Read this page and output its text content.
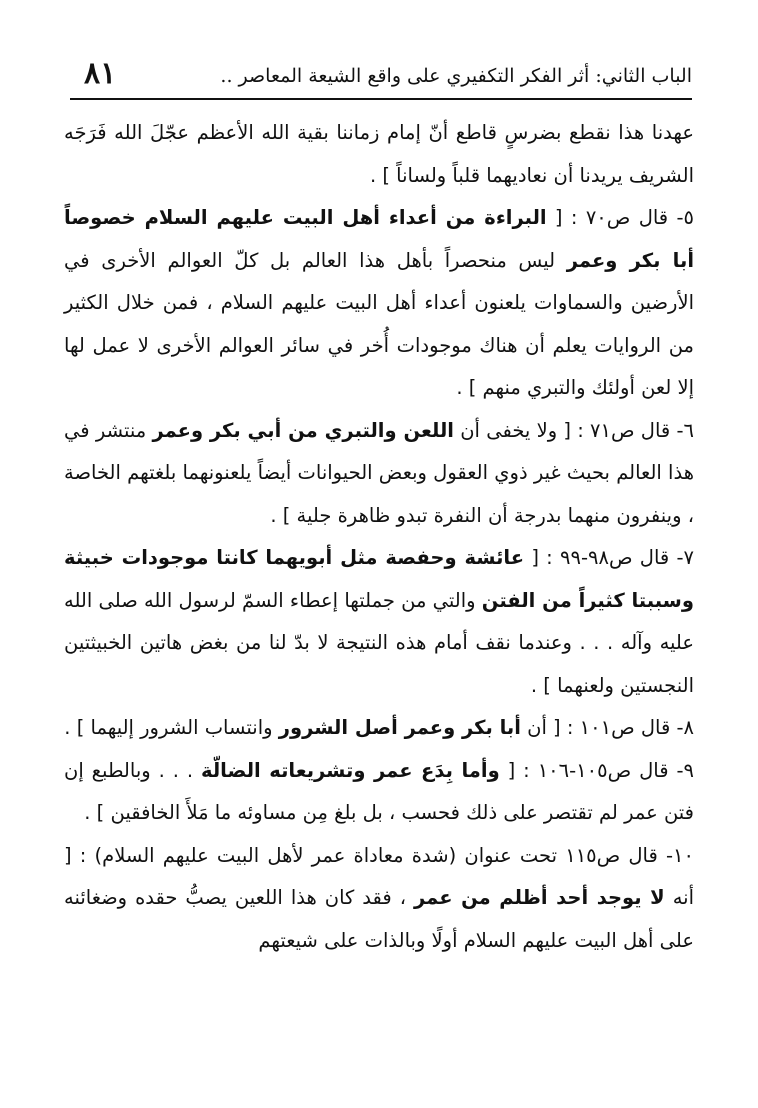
٨١	الباب الثاني: أثر الفكر التكفيري على واقع الشيعة المعاصر ..

عهدنا هذا نقطع بضرسٍ قاطع أنّ إمام زماننا بقية الله الأعظم عجّلَ الله فَرَجَه الشريف يريدنا أن نعاديهما قلباً ولساناً ] .

٥- قال ص٧٠ : [ البراءة من أعداء أهل البيت عليهم السلام خصوصاً أبا بكر وعمر ليس منحصراً بأهل هذا العالم بل كلّ العوالم الأخرى في الأرضين والسماوات يلعنون أعداء أهل البيت عليهم السلام ، فمن خلال الكثير من الروايات يعلم أن هناك موجودات أُخر في سائر العوالم الأخرى لا عمل لها إلا لعن أولئك والتبري منهم ] .

٦- قال ص٧١ : [ ولا يخفى أن اللعن والتبري من أبي بكر وعمر منتشر في هذا العالم بحيث غير ذوي العقول وبعض الحيوانات أيضاً يلعنونهما بلغتهم الخاصة ، وينفرون منهما بدرجة أن النفرة تبدو ظاهرة جلية ] .

٧- قال ص٩٨-٩٩ : [ عائشة وحفصة مثل أبويهما كانتا موجودات خبيثة وسببتا كثيراً من الفتن والتي من جملتها إعطاء السمّ لرسول الله صلى الله عليه وآله . . . وعندما نقف أمام هذه النتيجة لا بدّ لنا من بغض هاتين الخبيثتين النجستين ولعنهما ] .

٨- قال ص١٠١ : [ أن أبا بكر وعمر أصل الشرور وانتساب الشرور إليهما ] .

٩- قال ص١٠٥-١٠٦ : [ وأما بِدَع عمر وتشريعاته الضالّة . . . وبالطبع إن فتن عمر لم تقتصر على ذلك فحسب ، بل بلغ مِن مساوئه ما مَلأَ الخافقين ] .

١٠- قال ص١١٥ تحت عنوان (شدة معاداة عمر لأهل البيت عليهم السلام) : [ أنه لا يوجد أحد أظلم من عمر ، فقد كان هذا اللعين يصبُّ حقده وضغائنه على أهل البيت عليهم السلام أولًا وبالذات على شيعتهم
